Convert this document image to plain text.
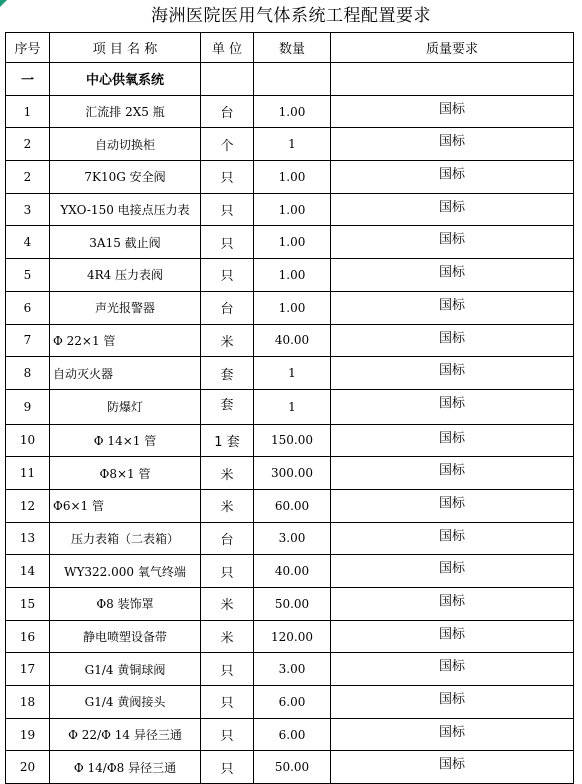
海洲医院医用气体系统工程配置要求
序号	项 目 名 称	单 位	数量	质量要求
一	中心供氧系统			
1	汇流排 2X5 瓶	台	1.00	国标
2	自动切换柜	个	1	国标
2	7K10G 安全阀	只	1.00	国标
3	YXO-150 电接点压力表	只	1.00	国标
4	3A15 截止阀	只	1.00	国标
5	4R4 压力表阀	只	1.00	国标
6	声光报警器	台	1.00	国标
7	Φ 22×1 管	米	40.00	国标
8	自动灭火器	套	1	国标
9	防爆灯	套	1	国标
10	Φ 14×1 管	1 套	150.00	国标
11	Φ8×1 管	米	300.00	国标
12	Φ6×1 管	米	60.00	国标
13	压力表箱（二表箱）	台	3.00	国标
14	WY322.000 氧气终端	只	40.00	国标
15	Φ8 装饰罩	米	50.00	国标
16	静电喷塑设备带	米	120.00	国标
17	G1/4 黄铜球阀	只	3.00	国标
18	G1/4 黄阀接头	只	6.00	国标
19	Φ 22/Φ 14 异径三通	只	6.00	国标
20	Φ 14/Φ8 异径三通	只	50.00	国标
